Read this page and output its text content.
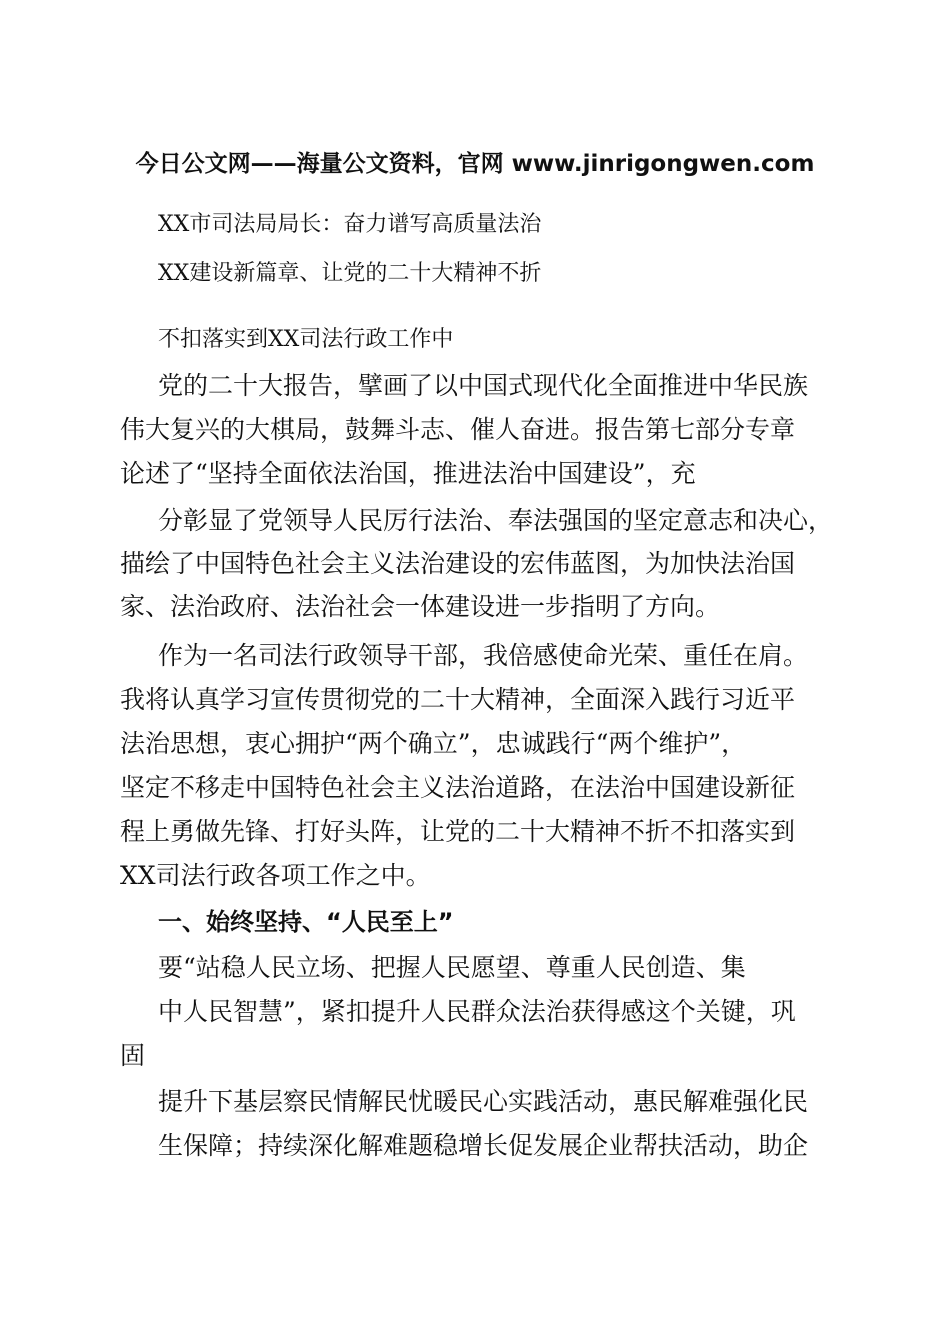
今日公文网——海量公文资料，官网 www.jinrigongwen.com
XX市司法局局长：奋力谱写高质量法治
XX建设新篇章、让党的二十大精神不折
不扣落实到XX司法行政工作中
党的二十大报告，擘画了以中国式现代化全面推进中华民族
伟大复兴的大棋局，鼓舞斗志、催人奋进。报告第七部分专章
论述了“坚持全面依法治国，推进法治中国建设”，充
分彰显了党领导人民厉行法治、奉法强国的坚定意志和决心，
描绘了中国特色社会主义法治建设的宏伟蓝图，为加快法治国
家、法治政府、法治社会一体建设进一步指明了方向。
作为一名司法行政领导干部，我倍感使命光荣、重任在肩。
我将认真学习宣传贯彻党的二十大精神，全面深入践行习近平
法治思想，衷心拥护“两个确立”，忠诚践行“两个维护”，
坚定不移走中国特色社会主义法治道路，在法治中国建设新征
程上勇做先锋、打好头阵，让党的二十大精神不折不扣落实到
XX司法行政各项工作之中。
一、始终坚持、“人民至上”
要“站稳人民立场、把握人民愿望、尊重人民创造、集
中人民智慧”，紧扣提升人民群众法治获得感这个关键，巩
固
提升下基层察民情解民忧暖民心实践活动，惠民解难强化民
生保障；持续深化解难题稳增长促发展企业帮扶活动，助企
